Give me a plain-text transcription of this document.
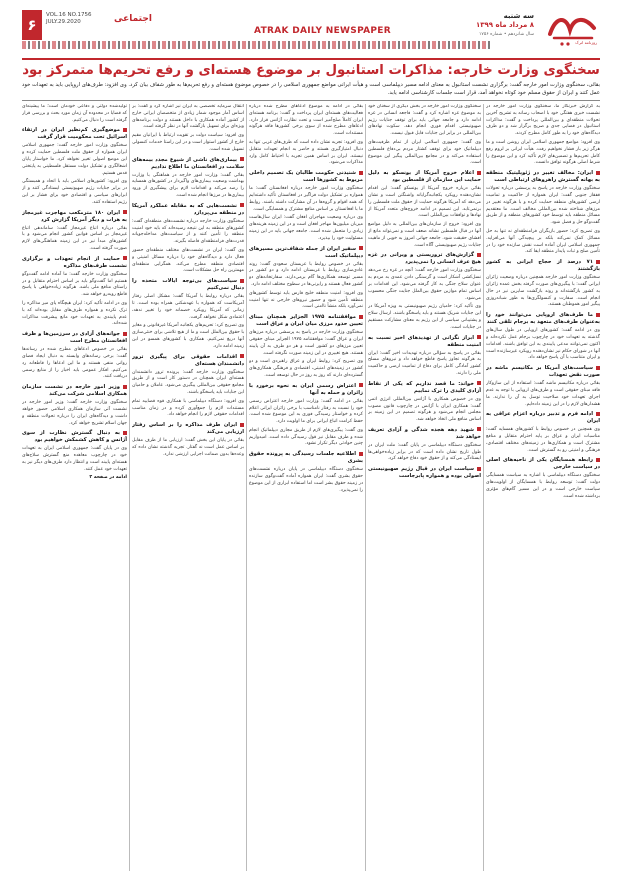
۶
VOL.16 NO.1756
JULY.29.2020	اجتماعی
ATRAK DAILY NEWSPAPER
سه شنبه
۸ مرداد ماه ۱۳۹۹
سال شانزدهم • شماره ۱۷۵۶
روزنامه اترک
سخنگوی وزارت خارجه: مذاکرات استانبول بر موضوع هسته‌ای و رفع تحریم‌ها متمرکز بود
بقائی، سخنگوی وزارت امور خارجه گفت: برگزاری نشست استانبول به معنای ادامه مسیر دیپلماسی است و هیأت ایرانی مواضع جمهوری اسلامی را در خصوص موضوع هسته‌ای و رفع تحریم‌ها به طور شفاف بیان کرد. وی افزود: طرف‌های اروپایی باید به تعهدات خود عمل کنند و ایران از حقوق مسلم خود کوتاه نخواهد آمد، قرار است جلسات کارشناسی ادامه یابد.

به گزارش خبرنگار ما، سخنگوی وزارت امور خارجه در نشست خبری هفتگی خود با اصحاب رسانه به تشریح آخرین تحولات منطقه‌ای و بین‌المللی پرداخت و گفت: مذاکرات استانبول در فضایی جدی و صریح برگزار شد و دو طرف دیدگاه‌های خود را به طور کامل مطرح کردند.

وی افزود: مواضع جمهوری اسلامی ایران روشن است و ما هرگز زیر بار فشار نخواهیم رفت. هیأت ایرانی بر لزوم رفع کامل تحریم‌ها و تضمین‌های لازم تأکید کرد و این موضوع را شرط اصلی هرگونه توافق دانست.

ایران: مخالف تغییر در ژئوپلیتیک منطقه به بهانه گسترش راهروهای ارتباطی است

سخنگوی وزارت خارجه در پاسخ به پرسشی درباره تحولات قفقاز جنوبی گفت: ایران همواره از حاکمیت و تمامیت ارضی کشورهای منطقه حمایت کرده و با هرگونه تغییر در مرزهای شناخته شده بین‌المللی مخالف است. ما معتقدیم مسائل منطقه باید توسط خود کشورهای منطقه و از طریق گفت‌وگو حل و فصل شود.

وی تصریح کرد: حضور بازیگران فرامنطقه‌ای نه تنها به حل مسائل کمک نمی‌کند بلکه بر پیچیدگی آنها می‌افزاید. جمهوری اسلامی ایران آماده است نقش سازنده خود را در تأمین صلح و ثبات پایدار منطقه ایفا کند.

۷۱ درصد از حجاج ایرانی به کشور بازگشتند

سخنگوی وزارت امور خارجه همچنین درباره وضعیت زائران ایرانی گفت: با پیگیری‌های صورت گرفته بخش عمده زائران به کشور بازگشته‌اند و روند بازگشت سایرین نیز در حال انجام است. سفارت و کنسولگری‌ها به طور شبانه‌روزی پیگیر امور هموطنان هستند.

ما طرف‌های اروپایی می‌توانند خود را به‌عنوان طرف‌های متعهد به برجام تلقی کنند

وی در ادامه گفت: کشورهای اروپایی در طول سال‌های گذشته به تعهدات خود در چارچوب برجام عمل نکرده‌اند و اکنون نمی‌توانند مدعی پایبندی به این توافق باشند. اقدامات آنها در شورای حکام نیز نشان‌دهنده رویکرد غیرسازنده است و ایران متناسب با آن پاسخ خواهد داد.

سیاست‌های آمریکا بر مکانیسم ماشه در صورت نقض تعهدات

بقائی درباره مکانیسم ماشه گفت: استفاده از این سازوکار فاقد مبنای حقوقی است و طرف‌های اروپایی با توجه به عدم اجرای تعهدات خود صلاحیت توسل به آن را ندارند. ما هشدارهای لازم را در این زمینه داده‌ایم.

ادامه فرم و تدبیر درباره اعزام عراقی به ایران

وی همچنین در خصوص روابط با کشورهای همسایه گفت: مناسبات ایران و عراق بر پایه احترام متقابل و منافع مشترک است و همکاری‌ها در زمینه‌های مختلف اقتصادی، فرهنگی و امنیتی رو به گسترش است.

رابطه همسایگان یکی از ناحیه‌های اصلی در سیاست خارجی

سخنگوی دستگاه دیپلماسی با اشاره به سیاست همسایگی دولت گفت: توسعه روابط با همسایگان از اولویت‌های سیاست خارجی است و در این مسیر گام‌های مؤثری برداشته شده است.

سخنگوی وزارت امور خارجه در بخش دیگری از سخنان خود به موضوع غزه اشاره کرد و گفت: فاجعه انسانی در غزه ادامه دارد و جامعه جهانی باید برای توقف جنایات رژیم صهیونیستی اقدام فوری انجام دهد. سکوت نهادهای بین‌المللی در برابر این جنایات قابل قبول نیست.

وی گفت: جمهوری اسلامی ایران از تمام ظرفیت‌های دیپلماتیک خود برای توقف کشتار مردم بی‌دفاع فلسطین استفاده می‌کند و در مجامع بین‌المللی پیگیر این موضوع است.

اعلام خروج آمریکا از یونسکو به دلیل حمایت این سازمان از فلسطین بود

بقائی درباره خروج آمریکا از یونسکو گفت: این اقدام نشان‌دهنده رویکرد یکجانبه‌گرایانه واشنگتن است و نشان می‌دهد که آمریکا هرگونه حمایت از حقوق ملت فلسطین را برنمی‌تابد. این تصمیم در ادامه خروج‌های متعدد آمریکا از نهادها و توافقات بین‌المللی است.

وی افزود: خروج از سازمان‌های بین‌المللی به دلیل مواضع آنها در قبال فلسطین نشانه ضعف است و نمی‌تواند مانع از افشای حقیقت شود. جامعه جهانی امروز به خوبی از ماهیت جنایات رژیم صهیونیستی آگاه است.

گزارش‌های تروریستی و ویرانی در غزه هیچ عرف انسانی را نمی‌پذیرد

سخنگوی وزارت امور خارجه گفت: آنچه در غزه رخ می‌دهد نسل‌کشی آشکار است و گرسنگی دادن عمدی به مردم به عنوان سلاح جنگی به کار گرفته می‌شود. این اقدامات بر اساس تمام موازین حقوق بین‌الملل جنایت جنگی محسوب می‌شود.

وی تأکید کرد: حامیان رژیم صهیونیستی به ویژه آمریکا در این جنایات شریک هستند و باید پاسخگو باشند. ارسال سلاح و پشتیبانی سیاسی از این رژیم به معنای مشارکت مستقیم در جنایات است.

ابراز نگرانی از تهدیدهای اخیر نسبت به امنیت منطقه

بقائی در پاسخ به سؤالی درباره تهدیدات اخیر گفت: ایران به هرگونه تجاوز پاسخ قاطع خواهد داد و نیروهای مسلح کشور آمادگی کامل برای دفاع از تمامیت ارضی و حاکمیت ملی را دارند.

خواند: ما قصد نداریم که یکی از نقاط آزادی کلیدی را ترک نماییم

وی در خصوص همکاری با آژانس بین‌المللی انرژی اتمی گفت: همکاری ایران با آژانس در چارچوب قانون مصوب مجلس انجام می‌شود و هرگونه تصمیم در این زمینه بر اساس منافع ملی اتخاذ خواهد شد.

شهید دهه هجده شدگی و آزادی تعریف خواهد شد

سخنگوی دستگاه دیپلماسی در پایان گفت: ملت ایران در طول تاریخ نشان داده است که در برابر زیاده‌خواهی‌ها ایستادگی می‌کند و از حقوق خود دفاع خواهد کرد.

سیاست ایران در قبال رژیم صهیونیستی اصولی بوده و همواره پابرجاست

بقائی در ادامه به موضوع ادعاهای مطرح شده درباره فعالیت‌های هسته‌ای ایران پرداخت و گفت: برنامه هسته‌ای ایران کاملاً صلح‌آمیز است و تحت نظارت آژانس قرار دارد. ادعاهای مطرح شده از سوی برخی کشورها فاقد هرگونه مستندات است.

وی افزود: تجربه نشان داده است که طرف‌های غربی تنها به دنبال امتیازگیری هستند و حاضر به انجام تعهدات متقابل نیستند. ایران بر اساس همین تجربه با احتیاط کامل وارد مذاکرات می‌شود.

شنیدنی حکومت طالبان یک تصمیم داخلی مربوط به کشورها است

سخنگوی وزارت امور خارجه درباره افغانستان گفت: ما همواره بر تشکیل دولت فراگیر در افغانستان تأکید داشته‌ایم که همه اقوام و گروه‌ها در آن مشارکت داشته باشند. روابط ما با افغانستان بر اساس منافع مشترک و همسایگی است.

وی درباره وضعیت مهاجران افغان گفت: ایران سال‌هاست میزبان میلیون‌ها مهاجر افغان است و در این زمینه هزینه‌های زیادی را متحمل شده است. جامعه جهانی باید در این زمینه مسئولیت خود را بپذیرد.

سفیر ایران از جمله شفاف‌ترین مسیرهای دیپلماتیک است

بقائی در خصوص روابط با عربستان سعودی گفت: روند عادی‌سازی روابط با عربستان ادامه دارد و دو کشور در مسیر توسعه همکاری‌ها گام برمی‌دارند. سفارتخانه‌های دو کشور فعال هستند و رایزنی‌ها در سطوح مختلف ادامه دارد.

وی افزود: امنیت منطقه خلیج فارس باید توسط کشورهای منطقه تأمین شود و حضور نیروهای خارجی نه تنها امنیت نمی‌آورد بلکه منشأ ناامنی است.

موافقتنامه ۱۹۷۵ الجزایر همچنان مبنای تعیین حدود مرزی میان ایران و عراق است

سخنگوی وزارت خارجه در پاسخ به پرسشی درباره مرزهای ایران و عراق گفت: موافقتنامه ۱۹۷۵ الجزایر مبنای حقوقی تعیین مرزهای دو کشور است و هر دو طرف به آن پایبند هستند. هیچ تغییری در این زمینه صورت نگرفته است.

وی تصریح کرد: روابط ایران و عراق راهبردی است و دو کشور در زمینه‌های امنیتی، اقتصادی و فرهنگی همکاری‌های گسترده‌ای دارند که روز به روز در حال توسعه است.

اعتراض رسمی ایران به نحوه برخورد با زائران و حمله به آنها

بقائی در ادامه گفت: وزارت امور خارجه اعتراض رسمی خود را نسبت به رفتار نامناسب با برخی زائران ایرانی اعلام کرده و خواستار رسیدگی فوری به این موضوع شده است. حفظ کرامت اتباع ایرانی برای ما اولویت دارد.

وی گفت: پیگیری‌های لازم از طریق مجاری دیپلماتیک انجام شده و طرف مقابل نیز قول رسیدگی داده است. امیدواریم چنین حوادثی دیگر تکرار نشود.

اطلاعیه جلسات رسیدگی به پرونده حقوق بشری

سخنگوی دستگاه دیپلماسی در پایان درباره نشست‌های حقوق بشری گفت: ایران همواره آماده گفت‌وگوی سازنده در زمینه حقوق بشر است اما استفاده ابزاری از این موضوع را نمی‌پذیرد.

انتقال سرمایه تخصصی به ایران نیز اشاره کرد و گفت: بر اساس آمار موجود شمار زیادی از متخصصان ایرانی خارج از کشور آماده همکاری با داخل هستند و دولت برنامه‌های ویژه‌ای برای تسهیل بازگشت آنها در نظر گرفته است.

وی افزود: سیاست دولت بر تقویت ارتباط با ایرانیان مقیم خارج از کشور استوار است و در این راستا خدمات کنسولی تسهیل شده است.

بیماری‌های ناشی از شیوع مجدد بیمه‌های سلامت در افغانستان ما اطلاع ندادیم

بقائی گفت: وزارت امور خارجه در هماهنگی با وزارت بهداشت وضعیت بیماری‌های واگیردار در کشورهای همسایه را رصد می‌کند و اقدامات لازم برای پیشگیری از ورود بیماری‌ها در مرزها انجام شده است.

نشست‌هایی که به مقابله عملکرد آمریکا در منطقه می‌پردازد

سخنگوی وزارت خارجه درباره نشست‌های منطقه‌ای گفت: کشورهای منطقه به این نتیجه رسیده‌اند که باید خود امنیت منطقه را تأمین کنند و از سیاست‌های مداخله‌جویانه قدرت‌های فرامنطقه‌ای فاصله بگیرند.

وی گفت: ایران در نشست‌های مختلف منطقه‌ای حضور فعال دارد و دیدگاه‌های خود را درباره مسائل امنیتی و اقتصادی منطقه مطرح می‌کند. همگرایی منطقه‌ای مهمترین راه حل مشکلات است.

سیاست‌های بی‌توجه ایالات متحده را دنبال نمی‌کنیم

بقائی درباره روابط با آمریکا گفت: مشکل اصلی رفتار آمریکاست که همواره با عهدشکنی همراه بوده است. تا زمانی که آمریکا رویکرد خصمانه خود را تغییر ندهد، اعتمادی شکل نخواهد گرفت.

وی تصریح کرد: تحریم‌های یکجانبه آمریکا غیرقانونی و مغایر با حقوق بین‌الملل است و ما از هیچ تلاشی برای خنثی‌سازی آنها دریغ نمی‌کنیم. همکاری با کشورهای همسو در این زمینه ادامه دارد.

اقدامات حقوقی برای پیگیری ترور دانشمندان هسته‌ای

سخنگوی وزارت خارجه گفت: پرونده ترور دانشمندان هسته‌ای ایران همچنان در دستور کار است و از طریق مجامع حقوقی بین‌المللی پیگیری می‌شود. عاملان و حامیان این جنایات باید پاسخگو باشند.

وی افزود: دستگاه دیپلماسی با همکاری قوه قضاییه تمام مستندات لازم را جمع‌آوری کرده و در زمان مناسب اقدامات حقوقی لازم را انجام خواهد داد.

ایران طرف مذاکره را بر اساس رفتار ارزیابی می‌کند

بقائی در پایان این بخش گفت: ارزیابی ما از طرف مقابل بر اساس عمل است نه گفتار. تجربه گذشته نشان داده که وعده‌ها بدون ضمانت اجرایی ارزشی ندارد.

تولیدشده دولتی و دفاعی خودمان است؛ ما پیشینه‌ای که قضایا در محدوده آن زمان مورد بحث و بررسی قرار گرفته است را دنبال می‌کنیم.

موضع‌گیری کم‌نظیر ایران در ارتقاء اسرائیل تحت محکومیت قرار گرفت

سخنگوی وزارت امور خارجه گفت: جمهوری اسلامی ایران همواره از حقوق ملت فلسطین حمایت کرده و این موضع اصولی تغییر نخواهد کرد. ما خواستار پایان اشغالگری و تشکیل دولت مستقل فلسطینی به پایتختی قدس هستیم.

وی افزود: کشورهای اسلامی باید با اتحاد و همبستگی در برابر جنایات رژیم صهیونیستی ایستادگی کنند و از ابزارهای سیاسی و اقتصادی خود برای فشار بر این رژیم استفاده کنند.

ایران ۱۸۰ مترمکعب مهاجرت غیرمجاز به هرات و دیگر آمریکا گزارش کرد

بقائی درباره اتباع غیرمجاز گفت: ساماندهی اتباع غیرمجاز بر اساس قوانین کشور انجام می‌شود و با کشورهای مبدأ نیز در این زمینه هماهنگی‌های لازم صورت گرفته است.

حمایت از انجام تعهدات و برگزاری نشست طرف‌های مذاکره

سخنگوی وزارت خارجه گفت: ما آماده ادامه گفت‌وگو هستیم اما گفت‌وگو باید بر اساس احترام متقابل و در راستای منافع ملی باشد. هرگونه زیاده‌خواهی با پاسخ قاطع روبه‌رو خواهد شد.

وی در ادامه تأکید کرد: ایران هیچگاه پای میز مذاکره را ترک نکرده و همواره طرف‌های مقابل بوده‌اند که با عدم پایبندی به تعهدات خود مانع پیشرفت مذاکرات شده‌اند.

جوانه‌های آزادی در سرزمین‌ها و ظرف افغانستان مطرح است

بقائی در خصوص ادعاهای مطرح شده در رسانه‌ها گفت: برخی رسانه‌های وابسته به دنبال ایجاد فضای روانی منفی هستند و ما این ادعاها را قاطعانه رد می‌کنیم. افکار عمومی باید اخبار را از منابع رسمی دریافت کنند.

وزیر امور خارجه در نشست سازمان همکاری اسلامی شرکت می‌کند

سخنگوی وزارت خارجه گفت: وزیر امور خارجه در نشست آتی سازمان همکاری اسلامی حضور خواهد داشت و دیدگاه‌های ایران را درباره تحولات منطقه و جهان اسلام تشریح خواهد کرد.

به دنبال گسترش نظارت از سوی آژانس و کاهش کشمکش خواهیم بود

وی در پایان گفت: جمهوری اسلامی ایران به تعهدات خود در چارچوب معاهده منع گسترش سلاح‌های هسته‌ای پایبند است و انتظار دارد طرف‌های دیگر نیز به تعهدات خود عمل کنند.

ادامه در صفحه ۲
